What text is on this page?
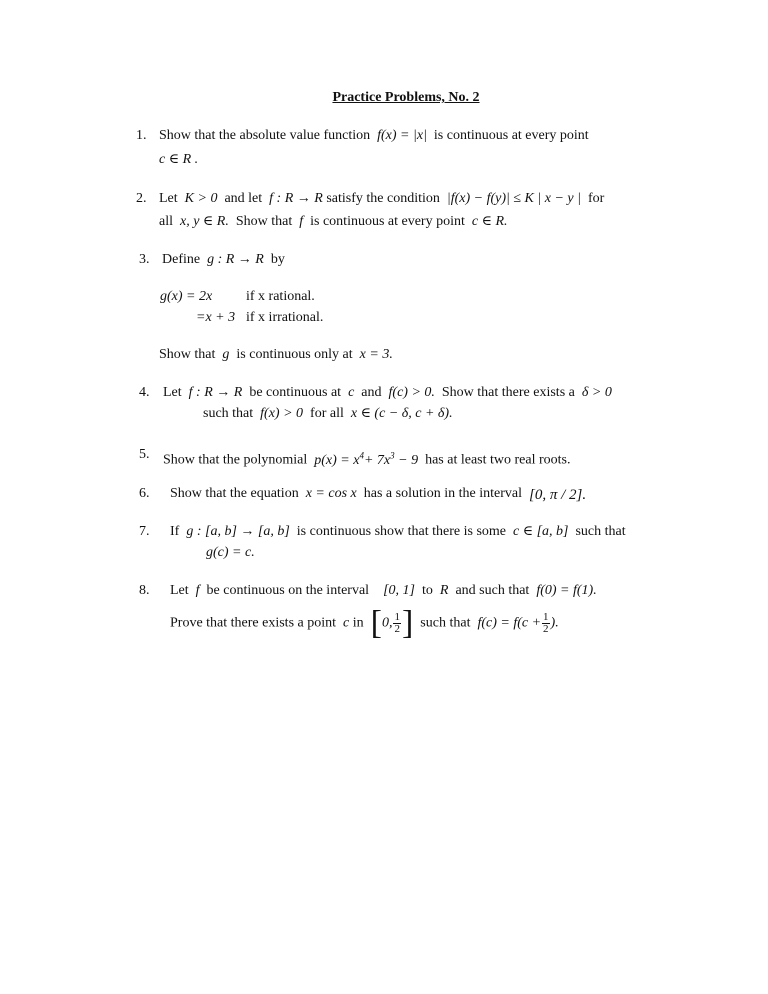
Practice Problems, No. 2
1. Show that the absolute value function f(x) = |x| is continuous at every point
c ∈ R .
2. Let K > 0 and let f : R → R satisfy the condition |f(x) − f(y)| ≤ K | x − y | for
all x, y ∈ R. Show that f is continuous at every point c ∈ R.
3. Define g : R → R by
g(x) = 2x if x rational.
=x + 3 if x irrational.
Show that g is continuous only at x = 3.
4. Let f : R → R be continuous at c and f(c) > 0. Show that there exists a δ > 0
such that f(x) > 0 for all x ∈ (c − δ, c + δ).
5. Show that the polynomial $p(x) = x^4+ 7x^3 - 9$ has at least two real roots.
6. Show that the equation x = cos x has a solution in the interval [0, π / 2].
7. If g : [a, b] → [a, b] is continuous show that there is some c ∈ [a, b] such that
g(c) = c.
8. Let f be continuous on the interval [0, 1] to R and such that f(0) = f(1).
Prove that there exists a point c in [0, $\frac{1}{2}$ ] such that $f(c) = f(c + \frac{1}{2}$ ).
